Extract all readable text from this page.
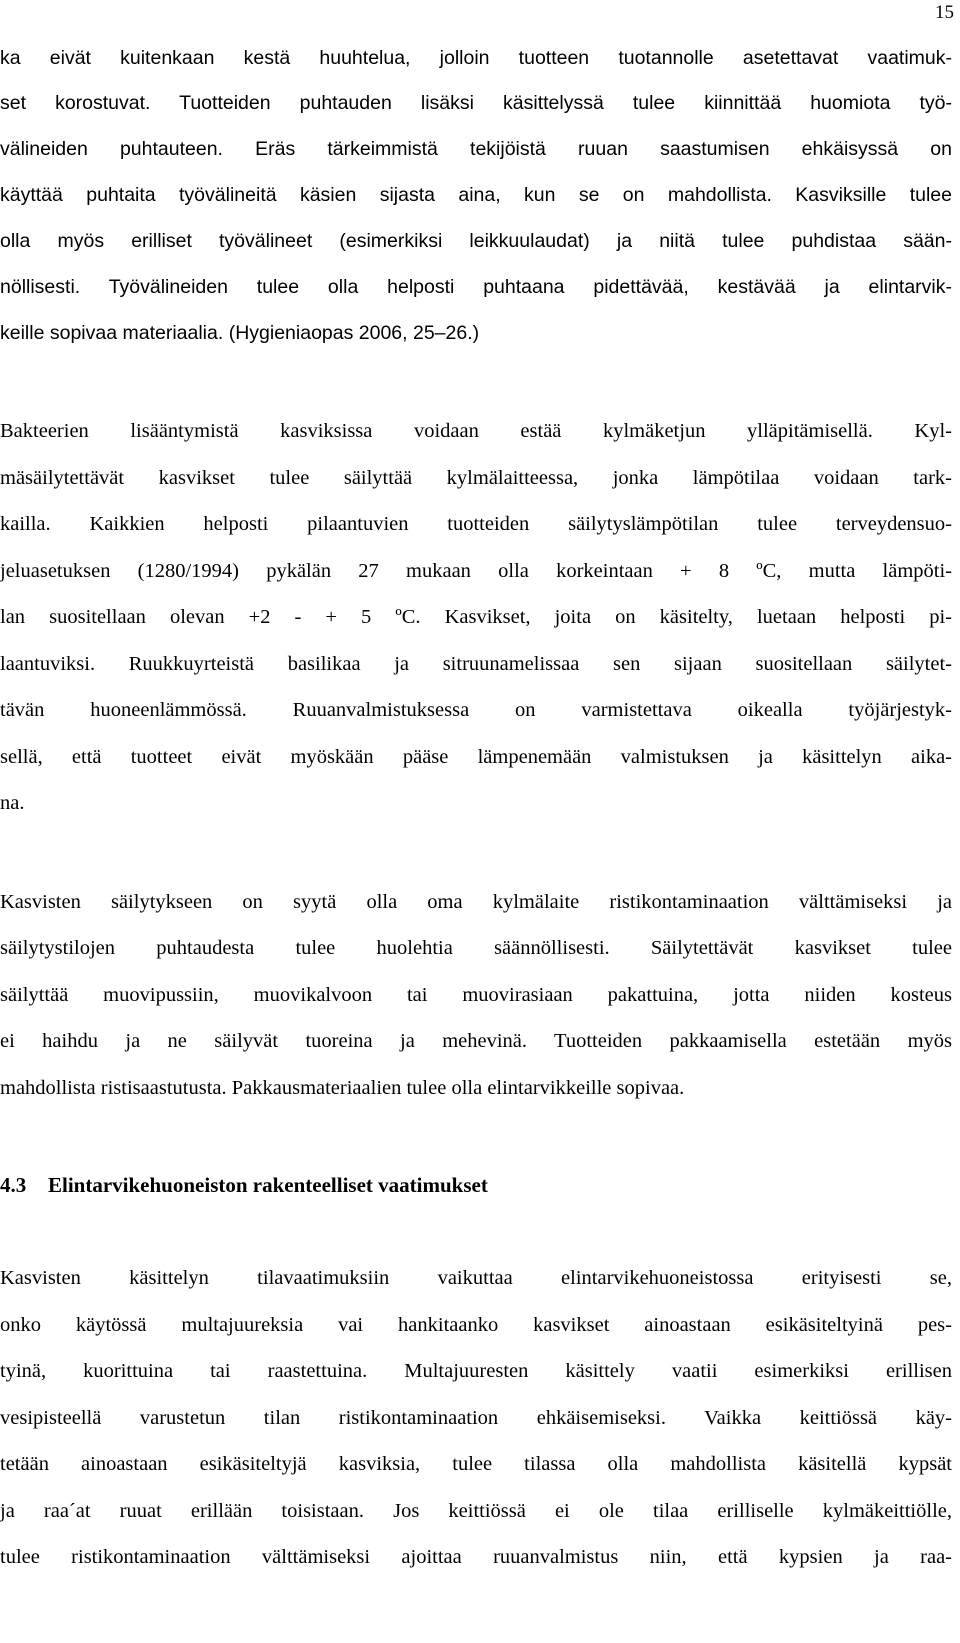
15
ka eivät kuitenkaan kestä huuhtelua, jolloin tuotteen tuotannolle asetettavat vaatimuk-
set korostuvat. Tuotteiden puhtauden lisäksi käsittelyssä tulee kiinnittää huomiota työ-
välineiden puhtauteen. Eräs tärkeimmistä tekijöistä ruuan saastumisen ehkäisyssä on
käyttää puhtaita työvälineitä käsien sijasta aina, kun se on mahdollista. Kasviksille tulee
olla myös erilliset työvälineet (esimerkiksi leikkuulaudat) ja niitä tulee puhdistaa sään-
nöllisesti. Työvälineiden tulee olla helposti puhtaana pidettävää, kestävää ja elintarvik-
keille sopivaa materiaalia. (Hygieniaopas 2006, 25–26.)
Bakteerien lisääntymistä kasviksissa voidaan estää kylmäketjun ylläpitämisellä. Kyl-
mäsäilytettävät kasvikset tulee säilyttää kylmälaitteessa, jonka lämpötilaa voidaan tark-
kailla. Kaikkien helposti pilaantuvien tuotteiden säilytyslämpötilan tulee terveydensuo-
jeluasetuksen (1280/1994) pykälän 27 mukaan olla korkeintaan + 8 ºC, mutta lämpöti-
lan suositellaan olevan +2 - + 5 ºC. Kasvikset, joita on käsitelty, luetaan helposti pi-
laantuviksi. Ruukkuyrteistä basilikaa ja sitruunamelissaa sen sijaan suositellaan säilytet-
tävän huoneenlämmössä. Ruuanvalmistuksessa on varmistettava oikealla työjärjestyk-
sellä, että tuotteet eivät myöskään pääse lämpenemään valmistuksen ja käsittelyn aika-
na.
Kasvisten säilytykseen on syytä olla oma kylmälaite ristikontaminaation välttämiseksi ja
säilytystilojen puhtaudesta tulee huolehtia säännöllisesti. Säilytettävät kasvikset tulee
säilyttää muovipussiin, muovikalvoon tai muovirasiaan pakattuina, jotta niiden kosteus
ei haihdu ja ne säilyvät tuoreina ja mehevinä. Tuotteiden pakkaamisella estetään myös
mahdollista ristisaastutusta. Pakkausmateriaalien tulee olla elintarvikkeille sopivaa.
4.3 Elintarvikehuoneiston rakenteelliset vaatimukset
Kasvisten käsittelyn tilavaatimuksiin vaikuttaa elintarvikehuoneistossa erityisesti se,
onko käytössä multajuureksia vai hankitaanko kasvikset ainoastaan esikäsiteltyinä pes-
tyinä, kuorittuina tai raastettuina. Multajuuresten käsittely vaatii esimerkiksi erillisen
vesipisteellä varustetun tilan ristikontaminaation ehkäisemiseksi. Vaikka keittiössä käy-
tetään ainoastaan esikäsiteltyjä kasviksia, tulee tilassa olla mahdollista käsitellä kypsät
ja raa´at ruuat erillään toisistaan. Jos keittiössä ei ole tilaa erilliselle kylmäkeittiölle,
tulee ristikontaminaation välttämiseksi ajoittaa ruuanvalmistus niin, että kypsien ja raa-
